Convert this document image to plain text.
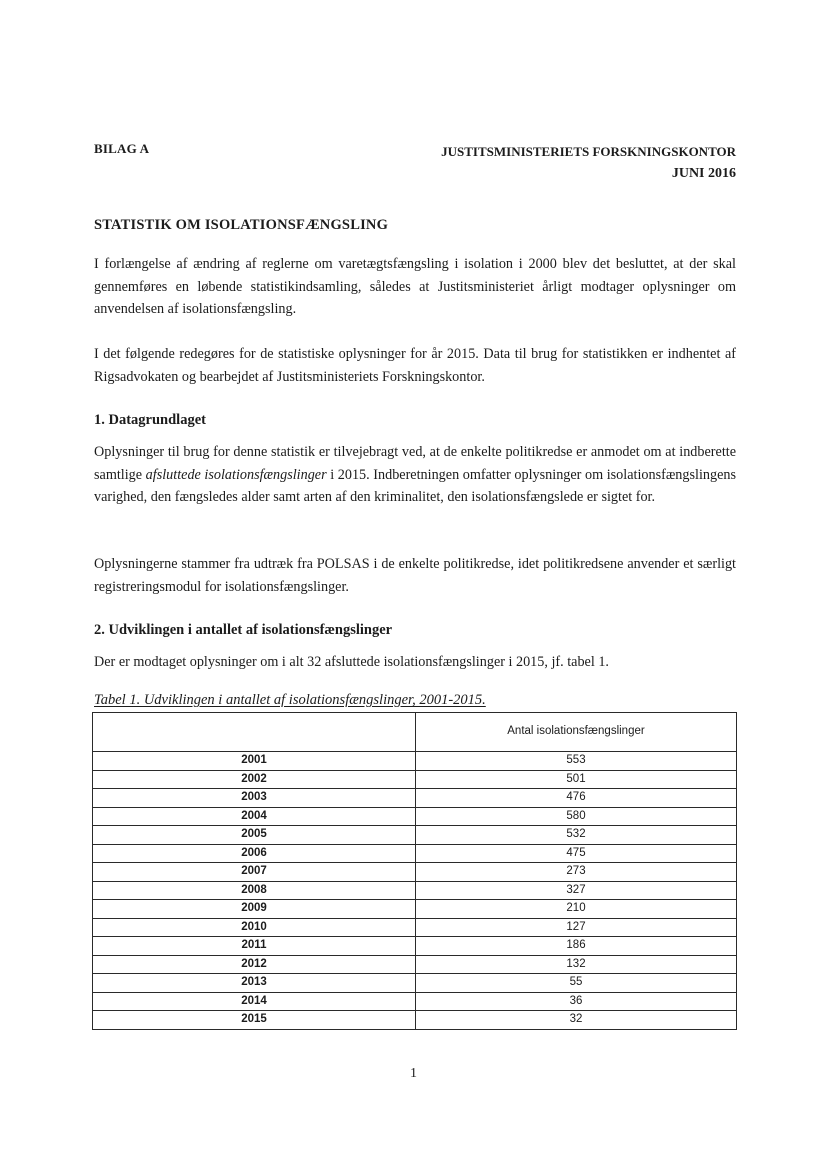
BILAG A	JUSTITSMINISTERIETS FORSKNINGSKONTOR
JUNI 2016
STATISTIK OM ISOLATIONSFÆNGSLING
I forlængelse af ændring af reglerne om varetægtsfængsling i isolation i 2000 blev det besluttet, at der skal gennemføres en løbende statistikindsamling, således at Justitsministeriet årligt modtager oplysninger om anvendelsen af isolationsfængsling.
I det følgende redegøres for de statistiske oplysninger for år 2015. Data til brug for statistikken er indhentet af Rigsadvokaten og bearbejdet af Justitsministeriets Forskningskontor.
1. Datagrundlaget
Oplysninger til brug for denne statistik er tilvejebragt ved, at de enkelte politikredse er anmodet om at indberette samtlige afsluttede isolationsfængslinger i 2015. Indberetningen omfatter oplysninger om isolationsfængslingens varighed, den fængsledes alder samt arten af den kriminalitet, den isolationsfængslede er sigtet for.
Oplysningerne stammer fra udtræk fra POLSAS i de enkelte politikredse, idet politikredsene anvender et særligt registreringsmodul for isolationsfængslinger.
2. Udviklingen i antallet af isolationsfængslinger
Der er modtaget oplysninger om i alt 32 afsluttede isolationsfængslinger i 2015, jf. tabel 1.
Tabel 1. Udviklingen i antallet af isolationsfængslinger, 2001-2015.
	Antal isolationsfængslinger
2001	553
2002	501
2003	476
2004	580
2005	532
2006	475
2007	273
2008	327
2009	210
2010	127
2011	186
2012	132
2013	55
2014	36
2015	32
1
